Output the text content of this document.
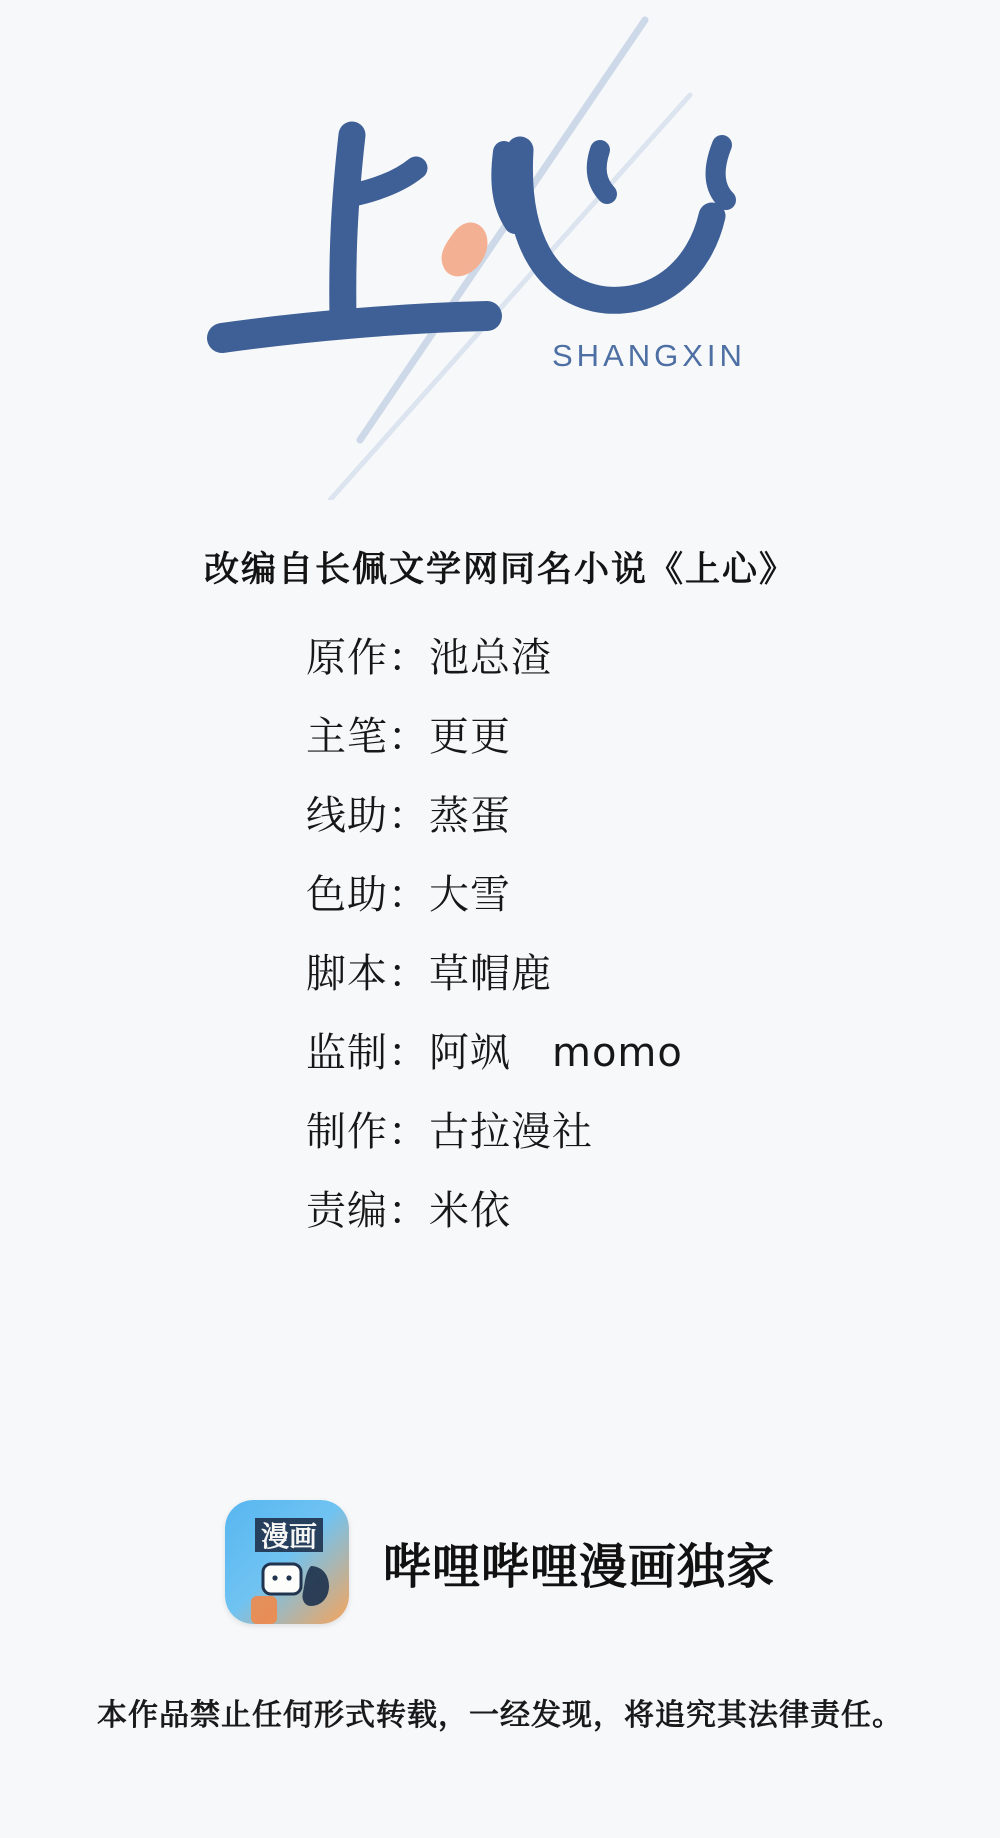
SHANGXIN
改编自长佩文学网同名小说《上心》
原作 ： 池总渣
主笔 ： 更更
线助 ： 蒸蛋
色助 ： 大雪
脚本 ： 草帽鹿
监制 ： 阿飒　momo
制作 ： 古拉漫社
责编 ： 米依
漫画
哔哩哔哩漫画独家
本作品禁止任何形式转载，一经发现，将追究其法律责任。
